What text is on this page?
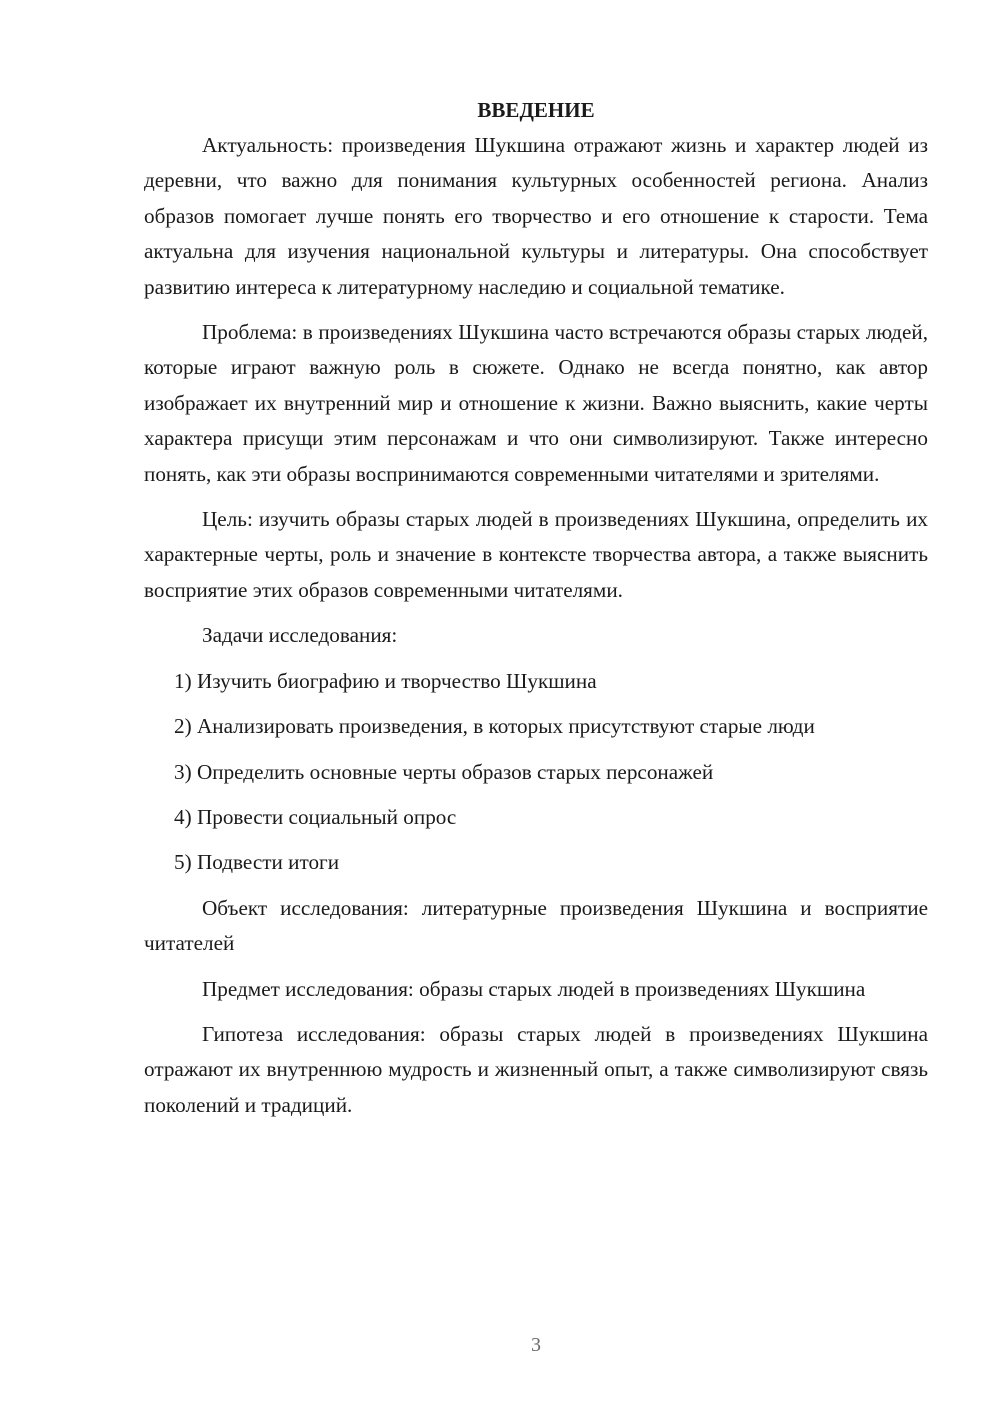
ВВЕДЕНИЕ

Актуальность: произведения Шукшина отражают жизнь и характер людей из деревни, что важно для понимания культурных особенностей региона. Анализ образов помогает лучше понять его творчество и его отношение к старости. Тема актуальна для изучения национальной культуры и литературы. Она способствует развитию интереса к литературному наследию и социальной тематике.

Проблема: в произведениях Шукшина часто встречаются образы старых людей, которые играют важную роль в сюжете. Однако не всегда понятно, как автор изображает их внутренний мир и отношение к жизни. Важно выяснить, какие черты характера присущи этим персонажам и что они символизируют. Также интересно понять, как эти образы воспринимаются современными читателями и зрителями.

Цель: изучить образы старых людей в произведениях Шукшина, определить их характерные черты, роль и значение в контексте творчества автора, а также выяснить восприятие этих образов современными читателями.

Задачи исследования:

1) Изучить биографию и творчество Шукшина

2) Анализировать произведения, в которых присутствуют старые люди

3) Определить основные черты образов старых персонажей

4) Провести социальный опрос

5) Подвести итоги

Объект исследования: литературные произведения Шукшина и восприятие читателей

Предмет исследования: образы старых людей в произведениях Шукшина

Гипотеза исследования: образы старых людей в произведениях Шукшина отражают их внутреннюю мудрость и жизненный опыт, а также символизируют связь поколений и традиций.

3
